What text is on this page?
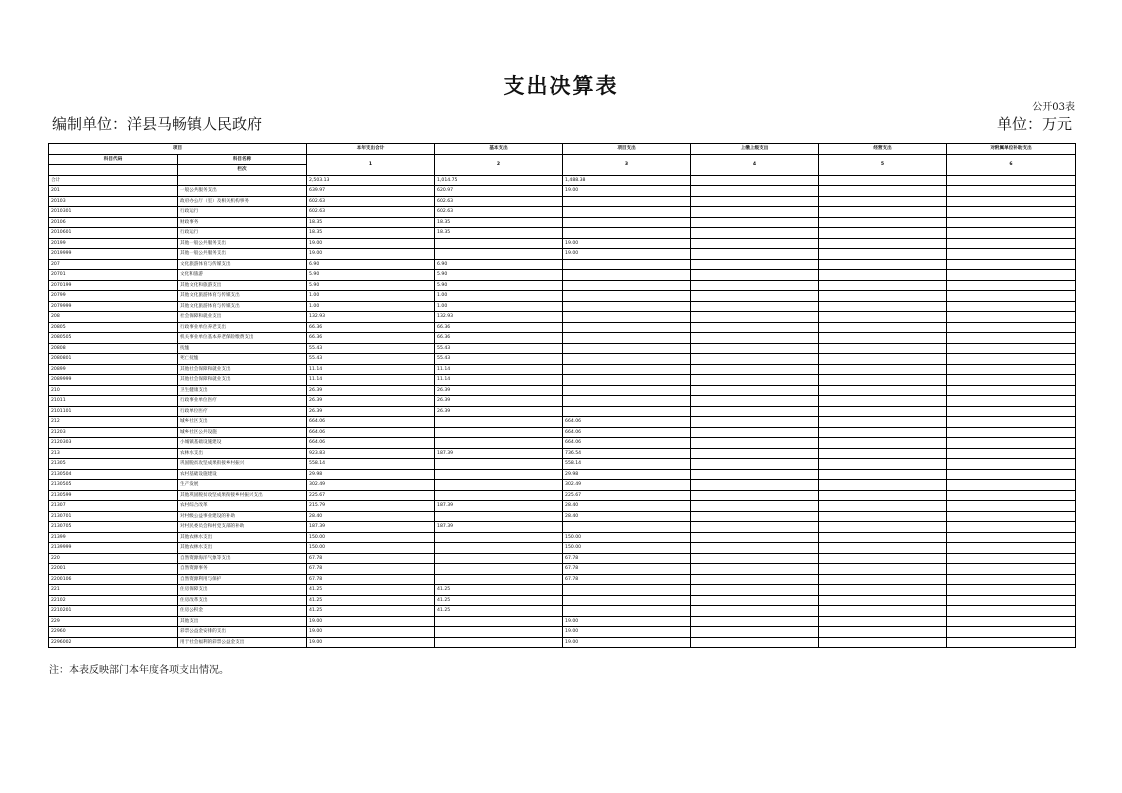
支出决算表
公开03表
编制单位：洋县马畅镇人民政府	单位：万元
项目		本年支出合计	基本支出	项目支出	上缴上级支出	经营支出	对附属单位补助支出
科目代码	科目名称	1	2	3	4	5	6
	栏次						
合计		2,503.13	1,014.75	1,488.38			
201	一般公共服务支出	639.97	620.97	19.00			
20103	政府办公厅（室）及相关机构事务	602.63	602.63				
2010301	行政运行	602.63	602.63				
20106	财政事务	18.35	18.35				
2010601	行政运行	18.35	18.35				
20199	其他一般公共服务支出	19.00		19.00			
2019999	其他一般公共服务支出	19.00		19.00			
207	文化旅游体育与传媒支出	6.90	6.90				
20701	文化和旅游	5.90	5.90				
2070199	其他文化和旅游支出	5.90	5.90				
20799	其他文化旅游体育与传媒支出	1.00	1.00				
2079999	其他文化旅游体育与传媒支出	1.00	1.00				
208	社会保障和就业支出	132.93	132.93				
20805	行政事业单位养老支出	66.36	66.36				
2080505	机关事业单位基本养老保险缴费支出	66.36	66.36				
20808	抚恤	55.43	55.43				
2080801	死亡抚恤	55.43	55.43				
20899	其他社会保障和就业支出	11.14	11.14				
2089999	其他社会保障和就业支出	11.14	11.14				
210	卫生健康支出	26.39	26.39				
21011	行政事业单位医疗	26.39	26.39				
2101101	行政单位医疗	26.39	26.39				
212	城乡社区支出	664.06		664.06			
21203	城乡社区公共设施	664.06		664.06			
2120303	小城镇基础设施建设	664.06		664.06			
213	农林水支出	923.83	187.39	736.54			
21305	巩固脱贫攻坚成果衔接乡村振兴	558.14		558.14			
2130504	农村基础设施建设	29.98		29.98			
2130505	生产发展	302.49		302.49			
2130599	其他巩固脱贫攻坚成果衔接乡村振兴支出	225.67		225.67			
21307	农村综合改革	215.79	187.39	28.40			
2130701	对村级公益事业建设的补助	28.40		28.40			
2130705	对村民委员会和村党支部的补助	187.39	187.39				
21399	其他农林水支出	150.00		150.00			
2139999	其他农林水支出	150.00		150.00			
220	自然资源海洋气象等支出	67.78		67.78			
22001	自然资源事务	67.78		67.78			
2200106	自然资源利用与保护	67.78		67.78			
221	住房保障支出	41.25	41.25				
22102	住房改革支出	41.25	41.25				
2210201	住房公积金	41.25	41.25				
229	其他支出	19.00		19.00			
22960	彩票公益金安排的支出	19.00		19.00			
2296002	用于社会福利的彩票公益金支出	19.00		19.00			
注：本表反映部门本年度各项支出情况。
